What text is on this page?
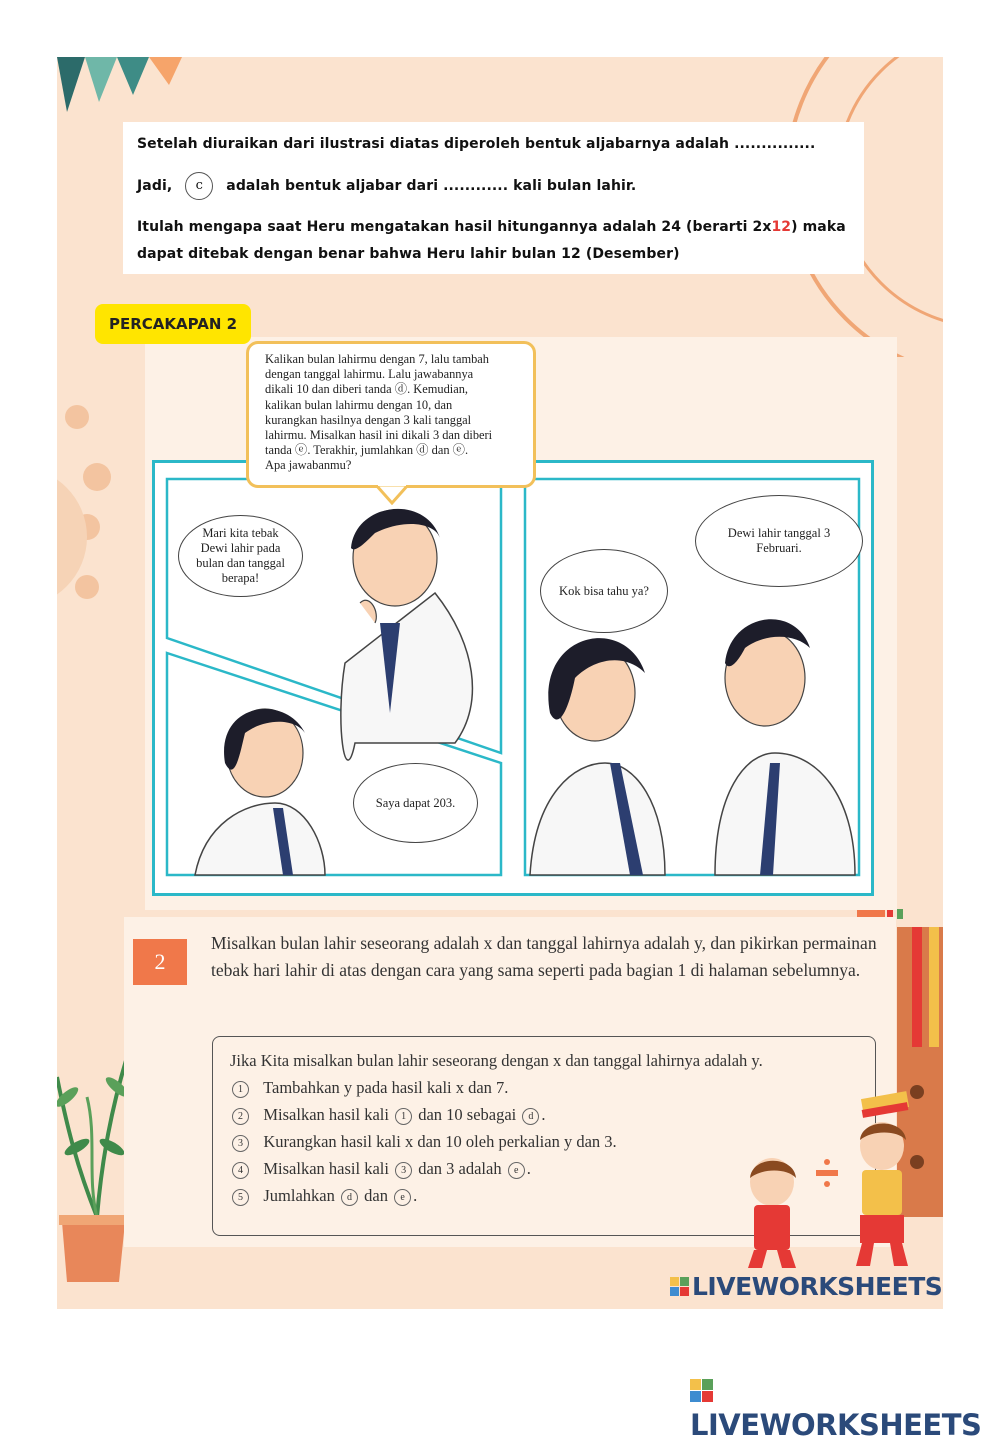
Setelah diuraikan dari ilustrasi diatas diperoleh bentuk aljabarnya adalah ...............

Jadi, c adalah bentuk aljabar dari ............ kali bulan lahir.

Itulah mengapa saat Heru mengatakan hasil hitungannya adalah 24 (berarti 2x12) maka

dapat ditebak dengan benar bahwa Heru lahir bulan 12 (Desember)

PERCAKAPAN 2
Kalikan bulan lahirmu dengan 7, lalu tambah
dengan tanggal lahirmu. Lalu jawabannya
dikali 10 dan diberi tanda ⓓ. Kemudian,
kalikan bulan lahirmu dengan 10, dan
kurangkan hasilnya dengan 3 kali tanggal
lahirmu. Misalkan hasil ini dikali 3 dan diberi
tanda ⓔ. Terakhir, jumlahkan ⓓ dan ⓔ.
Apa jawabanmu?
Mari kita tebak Dewi lahir pada bulan dan tanggal berapa!
Saya dapat 203.
Kok bisa tahu ya?
Dewi lahir tanggal 3 Februari.
2
Misalkan bulan lahir seseorang adalah x dan tanggal lahirnya adalah y, dan pikirkan permainan tebak hari lahir di atas dengan cara yang sama seperti pada bagian 1 di halaman sebelumnya.
Jika Kita misalkan bulan lahir seseorang dengan x dan tanggal lahirnya adalah y.
1 Tambahkan y pada hasil kali x dan 7.
2 Misalkan hasil kali 1 dan 10 sebagai d .
3 Kurangkan hasil kali x dan 10 oleh perkalian y dan 3.
4 Misalkan hasil kali 3 dan 3 adalah e .
5 Jumlahkan d dan e .
LIVEWORKSHEETS
LIVEWORKSHEETS
